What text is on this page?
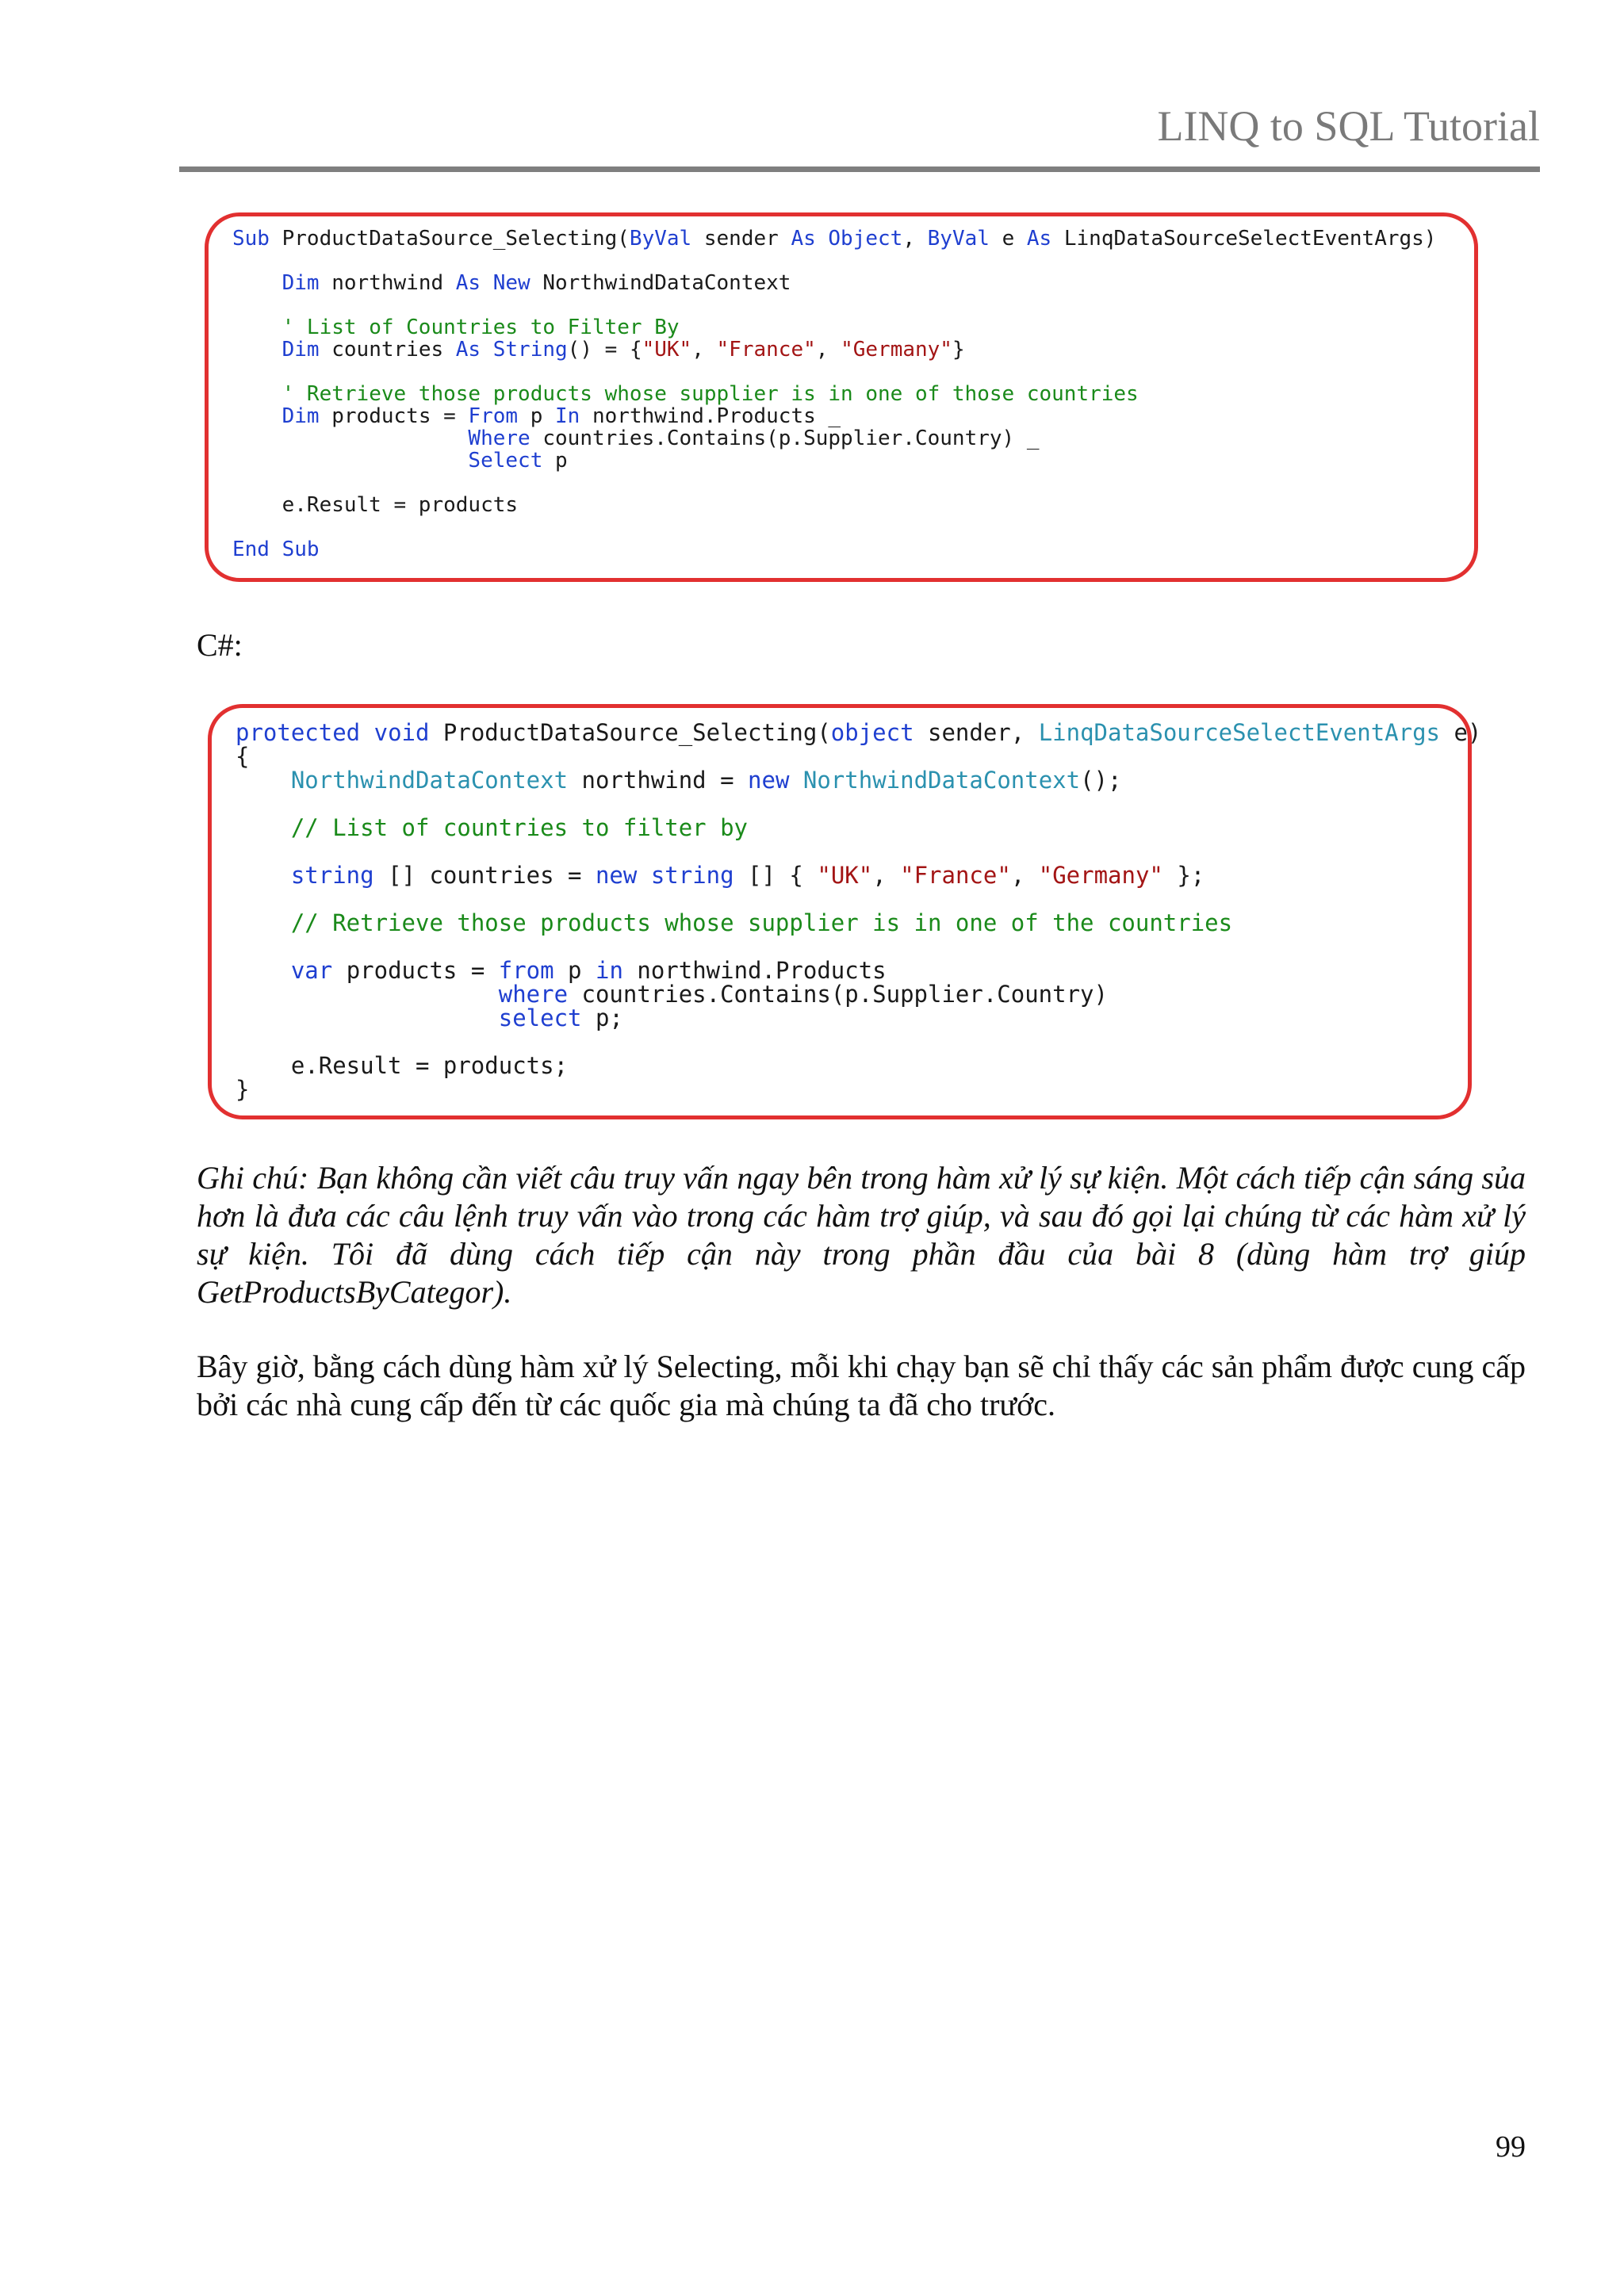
LINQ to SQL Tutorial
Sub ProductDataSource_Selecting(ByVal sender As Object, ByVal e As LinqDataSourceSelectEventArgs)
Dim northwind As New NorthwindDataContext
' List of Countries to Filter By
Dim countries As String() = {"UK", "France", "Germany"}
' Retrieve those products whose supplier is in one of those countries
Dim products = From p In northwind.Products _
Where countries.Contains(p.Supplier.Country) _
Select p
e.Result = products
End Sub
C#:
protected void ProductDataSource_Selecting(object sender, LinqDataSourceSelectEventArgs e)
{
NorthwindDataContext northwind = new NorthwindDataContext();
// List of countries to filter by
string [] countries = new string [] { "UK", "France", "Germany" };
// Retrieve those products whose supplier is in one of the countries
var products = from p in northwind.Products
where countries.Contains(p.Supplier.Country)
select p;
e.Result = products;
}
Ghi chú: Bạn không cần viết câu truy vấn ngay bên trong hàm xử lý sự kiện. Một cách tiếp cận sáng sủa hơn là đưa các câu lệnh truy vấn vào trong các hàm trợ giúp, và sau đó gọi lại chúng từ các hàm xử lý sự kiện. Tôi đã dùng cách tiếp cận này trong phần đầu của bài 8 (dùng hàm trợ giúp GetProductsByCategor).
Bây giờ, bằng cách dùng hàm xử lý Selecting, mỗi khi chạy bạn sẽ chỉ thấy các sản phẩm được cung cấp bởi các nhà cung cấp đến từ các quốc gia mà chúng ta đã cho trước.
99
